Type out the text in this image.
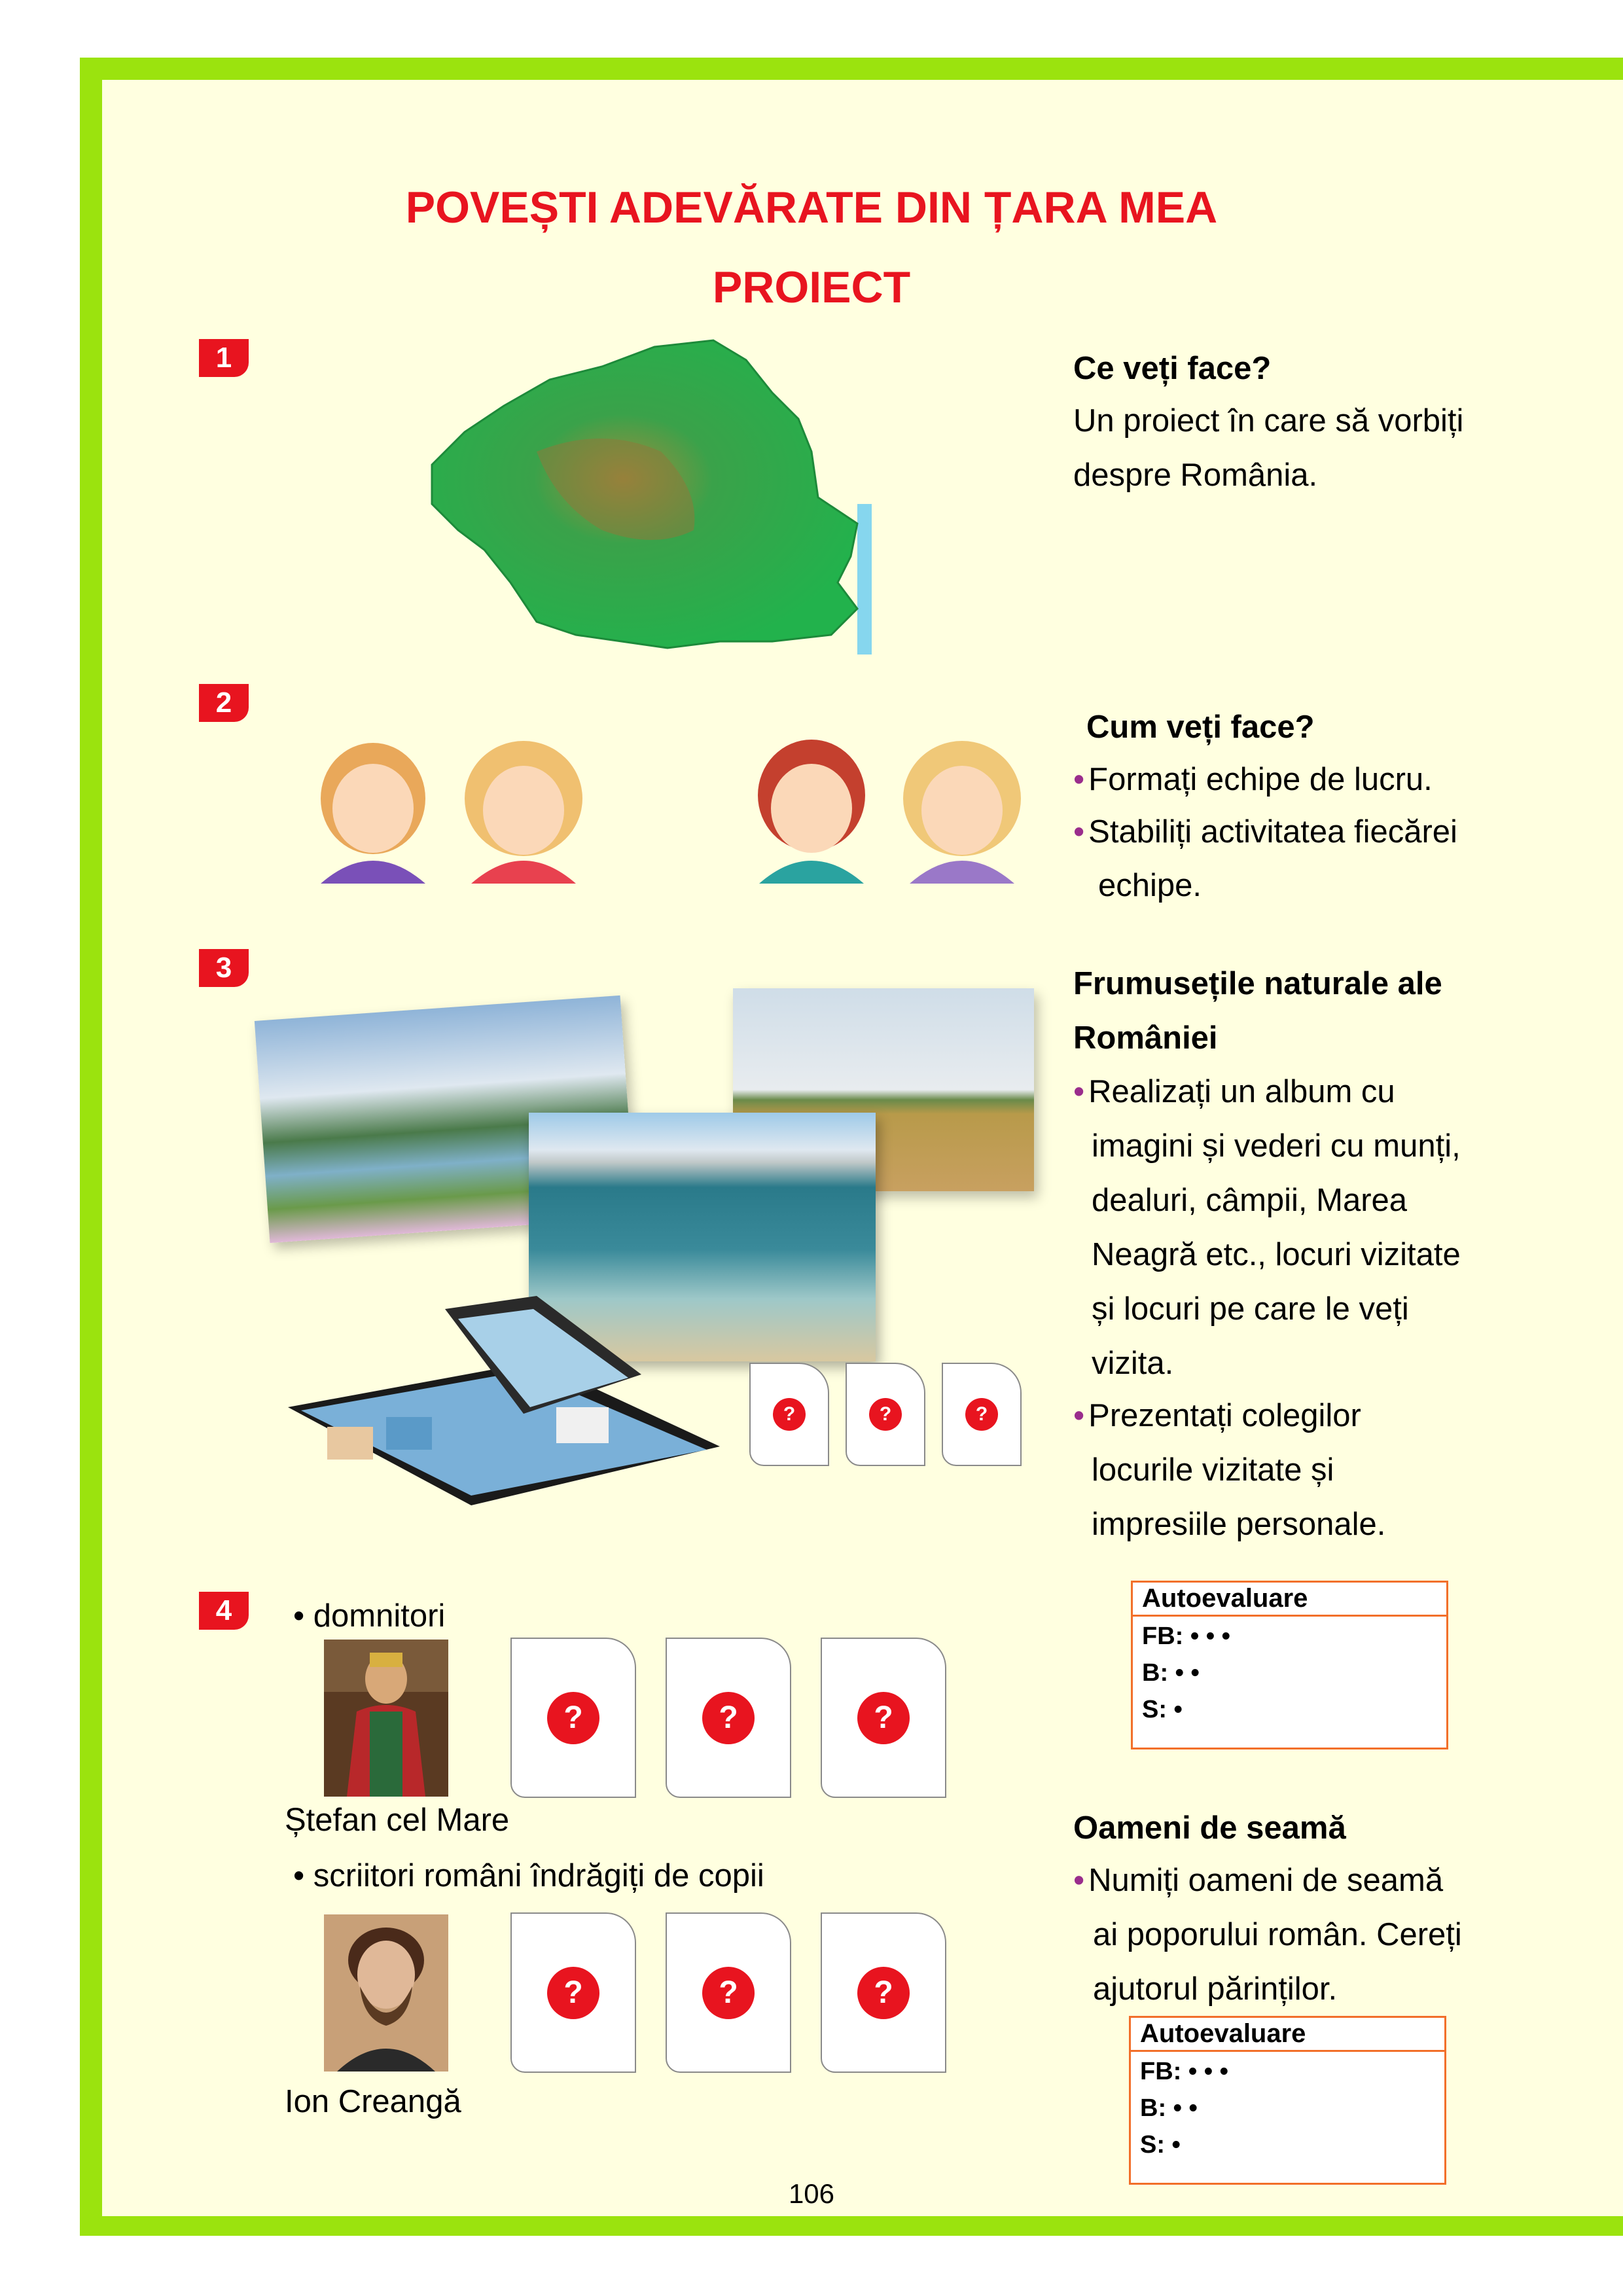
POVEȘTI ADEVĂRATE DIN ȚARA MEA
PROIECT
1	Ce veți face?
Un proiect în care să vorbiți
despre România.
2
Cum veți face?
• Formați echipe de lucru.
• Stabiliți activitatea fiecărei
echipe.
3
?	?	?
Frumusețile naturale ale
României
• Realizați un album cu
imagini și vederi cu munți,
dealuri, câmpii, Marea
Neagră etc., locuri vizitate
și locuri pe care le veți
vizita.
• Prezentați colegilor
locurile vizitate și
impresiile personale.
4	• domnitori
?	?	?
Ștefan cel Mare
• scriitori români îndrăgiți de copii
?	?	?
Ion Creangă
Autoevaluare
FB: • • •
B: • •
S: •
Oameni de seamă
• Numiți oameni de seamă
ai poporului român. Cereți
ajutorul părinților.
Autoevaluare
FB: • • •
B: • •
S: •
106
